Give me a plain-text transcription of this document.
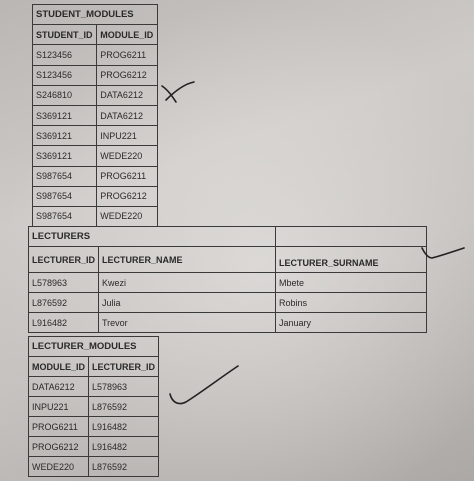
STUDENT_MODULES	
STUDENT_ID	MODULE_ID
S123456	PROG6211
S123456	PROG6212
S246810	DATA6212
S369121	DATA6212
S369121	INPU221
S369121	WEDE220
S987654	PROG6211
S987654	PROG6212
S987654	WEDE220
LECTURERS		
LECTURER_ID	LECTURER_NAME	LECTURER_SURNAME
L578963	Kwezi	Mbete
L876592	Julia	Robins
L916482	Trevor	January
LECTURER_MODULES	
MODULE_ID	LECTURER_ID
DATA6212	L578963
INPU221	L876592
PROG6211	L916482
PROG6212	L916482
WEDE220	L876592
